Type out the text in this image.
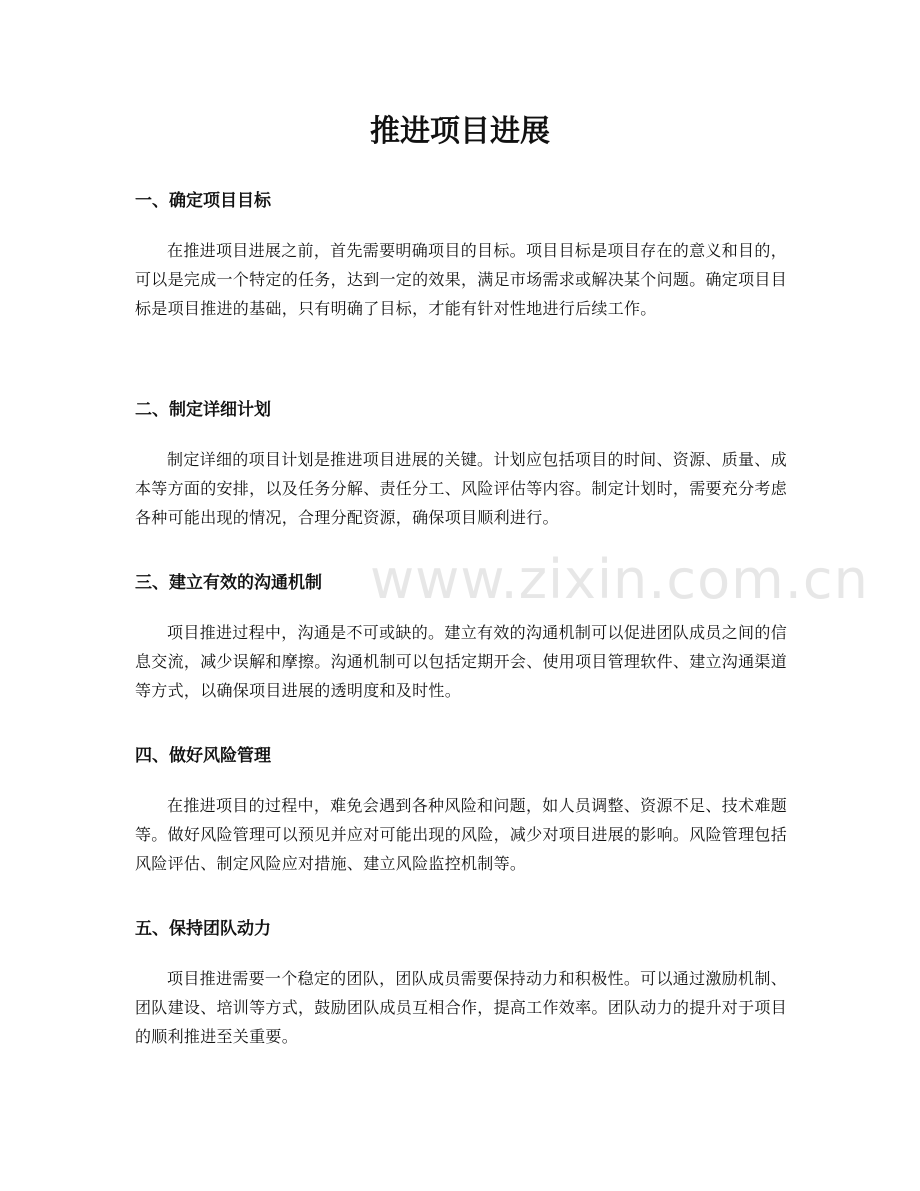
推进项目进展
www.zixin.com.cn
一、确定项目目标

在推进项目进展之前，首先需要明确项目的目标。项目目标是项目存在的意义和目的，可以是完成一个特定的任务，达到一定的效果，满足市场需求或解决某个问题。确定项目目标是项目推进的基础，只有明确了目标，才能有针对性地进行后续工作。

二、制定详细计划

制定详细的项目计划是推进项目进展的关键。计划应包括项目的时间、资源、质量、成本等方面的安排，以及任务分解、责任分工、风险评估等内容。制定计划时，需要充分考虑各种可能出现的情况，合理分配资源，确保项目顺利进行。

三、建立有效的沟通机制

项目推进过程中，沟通是不可或缺的。建立有效的沟通机制可以促进团队成员之间的信息交流，减少误解和摩擦。沟通机制可以包括定期开会、使用项目管理软件、建立沟通渠道等方式，以确保项目进展的透明度和及时性。

四、做好风险管理

在推进项目的过程中，难免会遇到各种风险和问题，如人员调整、资源不足、技术难题等。做好风险管理可以预见并应对可能出现的风险，减少对项目进展的影响。风险管理包括风险评估、制定风险应对措施、建立风险监控机制等。

五、保持团队动力

项目推进需要一个稳定的团队，团队成员需要保持动力和积极性。可以通过激励机制、团队建设、培训等方式，鼓励团队成员互相合作，提高工作效率。团队动力的提升对于项目的顺利推进至关重要。
